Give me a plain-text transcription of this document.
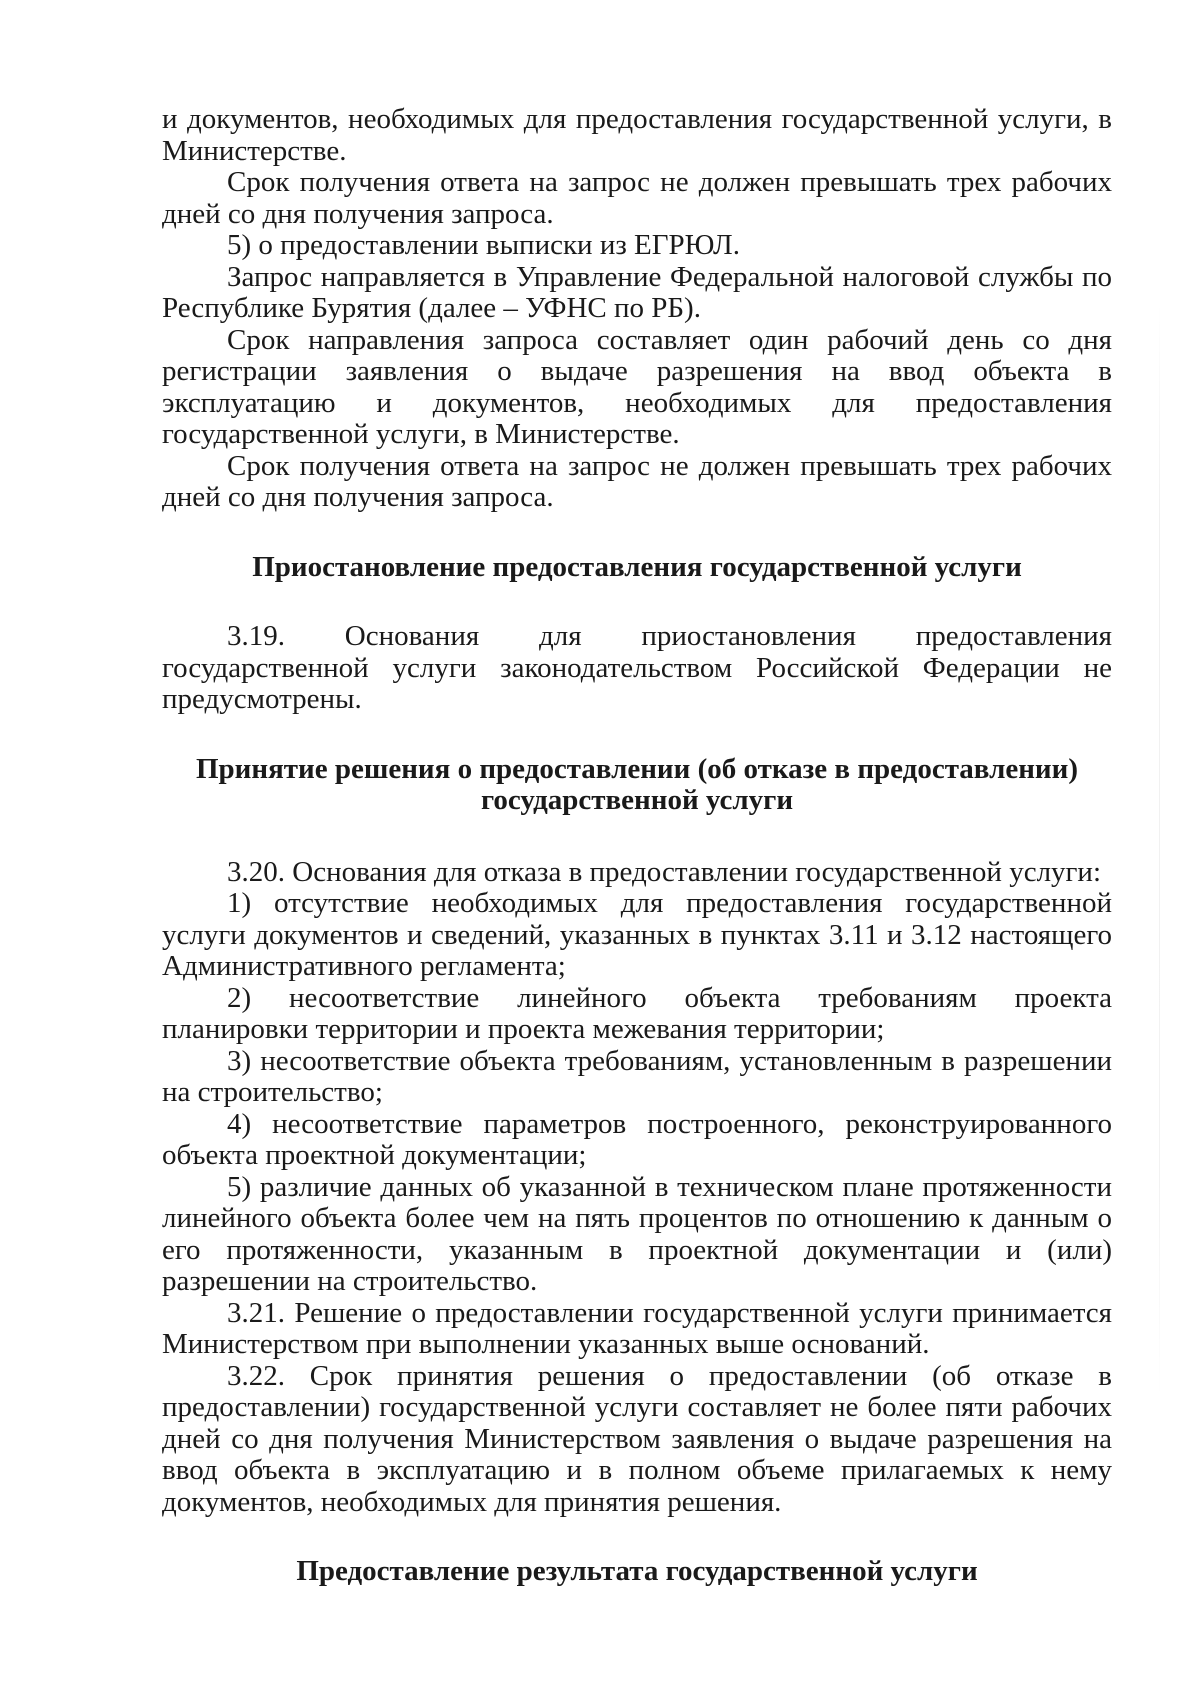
и документов, необходимых для предоставления государственной услуги, в Министерстве.

Срок получения ответа на запрос не должен превышать трех рабочих дней со дня получения запроса.

5) о предоставлении выписки из ЕГРЮЛ.

Запрос направляется в Управление Федеральной налоговой службы по Республике Бурятия (далее – УФНС по РБ).

Срок направления запроса составляет один рабочий день со дня регистрации заявления о выдаче разрешения на ввод объекта в эксплуатацию и документов, необходимых для предоставления государственной услуги, в Министерстве.

Срок получения ответа на запрос не должен превышать трех рабочих дней со дня получения запроса.

Приостановление предоставления государственной услуги

3.19. Основания для приостановления предоставления государственной услуги законодательством Российской Федерации не предусмотрены.

Принятие решения о предоставлении (об отказе в предоставлении)
государственной услуги

3.20. Основания для отказа в предоставлении государственной услуги:

1) отсутствие необходимых для предоставления государственной услуги документов и сведений, указанных в пунктах 3.11 и 3.12 настоящего Административного регламента;

2) несоответствие линейного объекта требованиям проекта планировки территории и проекта межевания территории;

3) несоответствие объекта требованиям, установленным в разрешении на строительство;

4) несоответствие параметров построенного, реконструированного объекта проектной документации;

5) различие данных об указанной в техническом плане протяженности линейного объекта более чем на пять процентов по отношению к данным о его протяженности, указанным в проектной документации и (или) разрешении на строительство.

3.21. Решение о предоставлении государственной услуги принимается Министерством при выполнении указанных выше оснований.

3.22. Срок принятия решения о предоставлении (об отказе в предоставлении) государственной услуги составляет не более пяти рабочих дней со дня получения Министерством заявления о выдаче разрешения на ввод объекта в эксплуатацию и в полном объеме прилагаемых к нему документов, необходимых для принятия решения.

Предоставление результата государственной услуги
